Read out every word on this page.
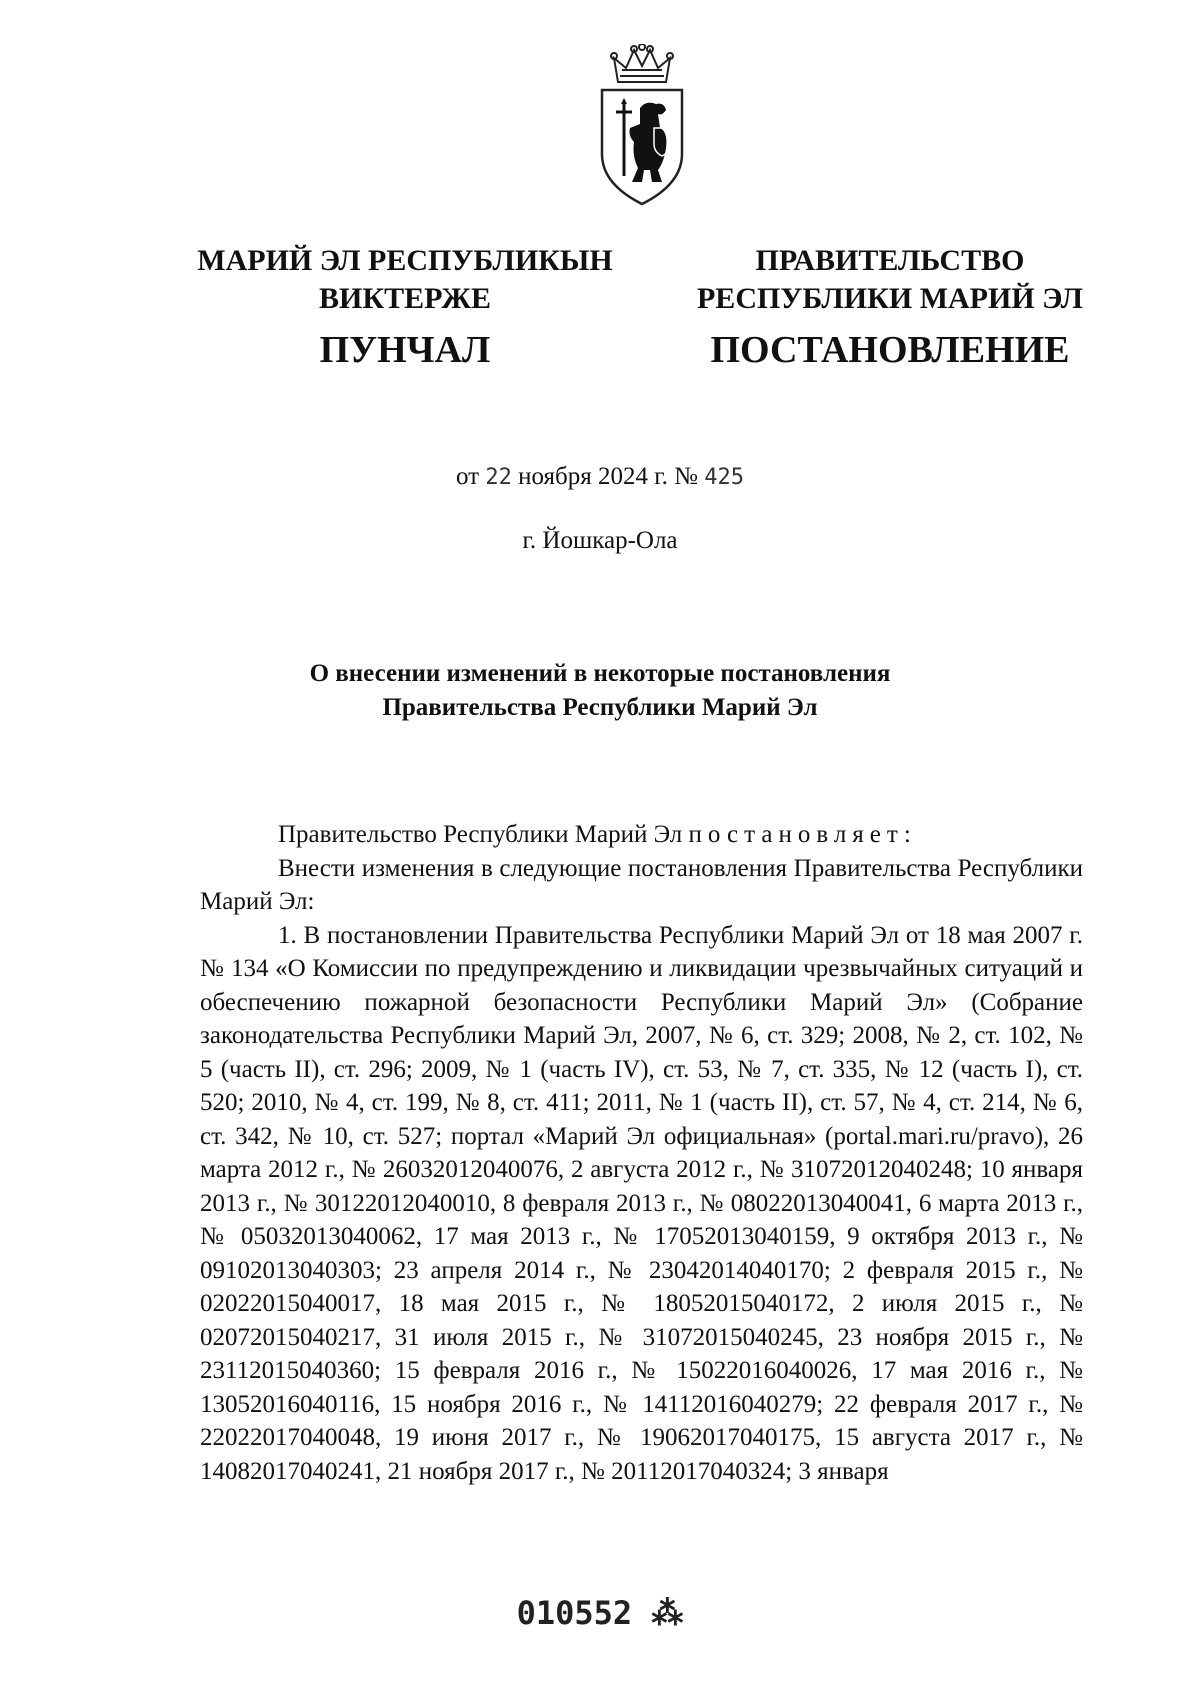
МАРИЙ ЭЛ РЕСПУБЛИКЫН
ВИКТЕРЖЕ
ПРАВИТЕЛЬСТВО
РЕСПУБЛИКИ МАРИЙ ЭЛ
ПУНЧАЛ	ПОСТАНОВЛЕНИЕ
от 22 ноября 2024 г. № 425
г. Йошкар-Ола
О внесении изменений в некоторые постановления
Правительства Республики Марий Эл

Правительство Республики Марий Эл постановляет:

Внести изменения в следующие постановления Правительства Республики Марий Эл:

1. В постановлении Правительства Республики Марий Эл от 18 мая 2007 г. № 134 «О Комиссии по предупреждению и ликвидации чрезвычайных ситуаций и обеспечению пожарной безопасности Республики Марий Эл» (Собрание законодательства Республики Марий Эл, 2007, № 6, ст. 329; 2008, № 2, ст. 102, № 5 (часть II), ст. 296; 2009, № 1 (часть IV), ст. 53, № 7, ст. 335, № 12 (часть I), ст. 520; 2010, № 4, ст. 199, № 8, ст. 411; 2011, № 1 (часть II), ст. 57, № 4, ст. 214, № 6, ст. 342, № 10, ст. 527; портал «Марий Эл официальная» (portal.mari.ru/pravo), 26 марта 2012 г., № 26032012040076, 2 августа 2012 г., № 31072012040248; 10 января 2013 г., № 30122012040010, 8 февраля 2013 г., № 08022013040041, 6 марта 2013 г., № 05032013040062, 17 мая 2013 г., № 17052013040159, 9 октября 2013 г., № 09102013040303; 23 апреля 2014 г., № 23042014040170; 2 февраля 2015 г., № 02022015040017, 18 мая 2015 г., № 18052015040172, 2 июля 2015 г., № 02072015040217, 31 июля 2015 г., № 31072015040245, 23 ноября 2015 г., № 23112015040360; 15 февраля 2016 г., № 15022016040026, 17 мая 2016 г., № 13052016040116, 15 ноября 2016 г., № 14112016040279; 22 февраля 2017 г., № 22022017040048, 19 июня 2017 г., № 19062017040175, 15 августа 2017 г., № 14082017040241, 21 ноября 2017 г., № 20112017040324; 3 января

010552 ⁂
